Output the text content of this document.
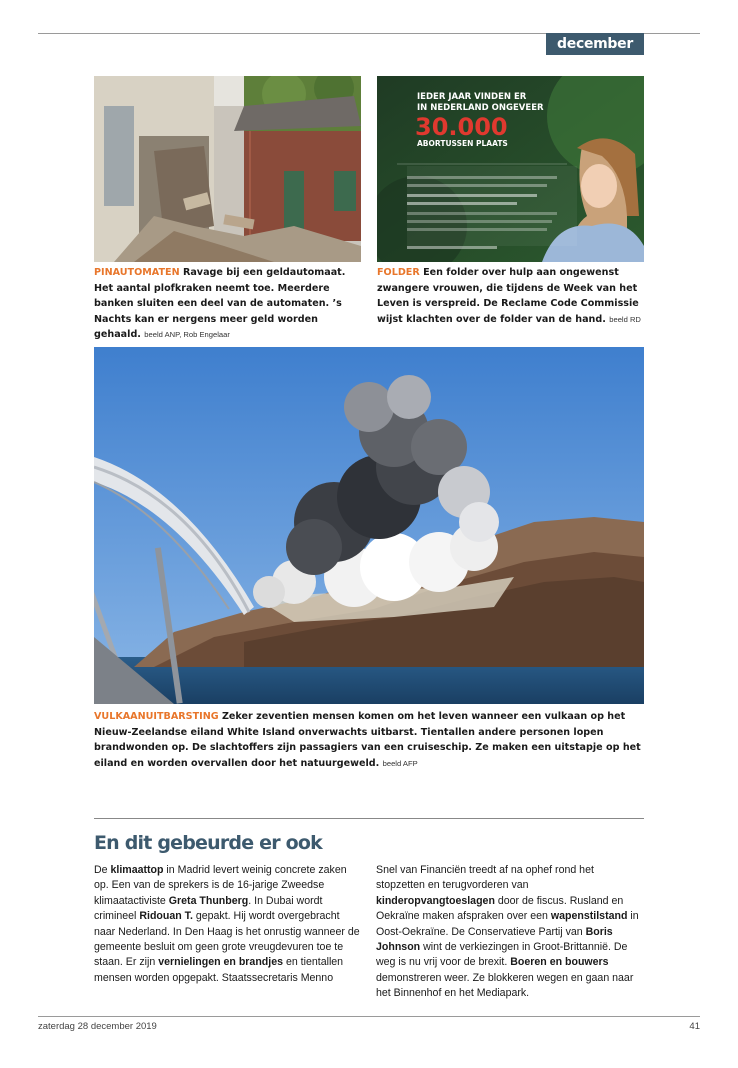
december
IEDER JAAR VINDEN ER
IN NEDERLAND ONGEVEER
30.000
ABORTUSSEN PLAATS
PINAUTOMATEN Ravage bij een geldautomaat. Het aantal plofkraken neemt toe. Meerdere banken sluiten een deel van de automaten. ’s Nachts kan er nergens meer geld worden gehaald. beeld ANP, Rob Engelaar
FOLDER Een folder over hulp aan ongewenst zwangere vrouwen, die tijdens de Week van het Leven is verspreid. De Reclame Code Commissie wijst klachten over de folder van de hand. beeld RD
VULKAANUITBARSTING Zeker zeventien mensen komen om het leven wanneer een vulkaan op het Nieuw-Zeelandse eiland White Island onverwachts uitbarst. Tientallen andere personen lopen brandwonden op. De slachtoffers zijn passagiers van een cruiseschip. Ze maken een uitstapje op het eiland en worden overvallen door het natuurgeweld. beeld AFP
En dit gebeurde er ook
De klimaattop in Madrid levert weinig concrete zaken op. Een van de sprekers is de 16-jarige Zweedse klimaatactiviste Greta Thunberg. In Dubai wordt crimineel Ridouan T. gepakt. Hij wordt overgebracht naar Nederland. In Den Haag is het onrustig wanneer de gemeente besluit om geen grote vreugdevuren toe te staan. Er zijn vernielingen en brandjes en tientallen mensen worden opgepakt. Staatssecretaris Menno
Snel van Financiën treedt af na ophef rond het stopzetten en terugvorderen van kinderopvangtoeslagen door de fiscus. Rusland en Oekraïne maken afspraken over een wapenstilstand in Oost-Oekraïne. De Conservatieve Partij van Boris Johnson wint de verkiezingen in Groot-Brittannië. De weg is nu vrij voor de brexit. Boeren en bouwers demonstreren weer. Ze blokkeren wegen en gaan naar het Binnenhof en het Mediapark.
zaterdag 28 december 2019	41
